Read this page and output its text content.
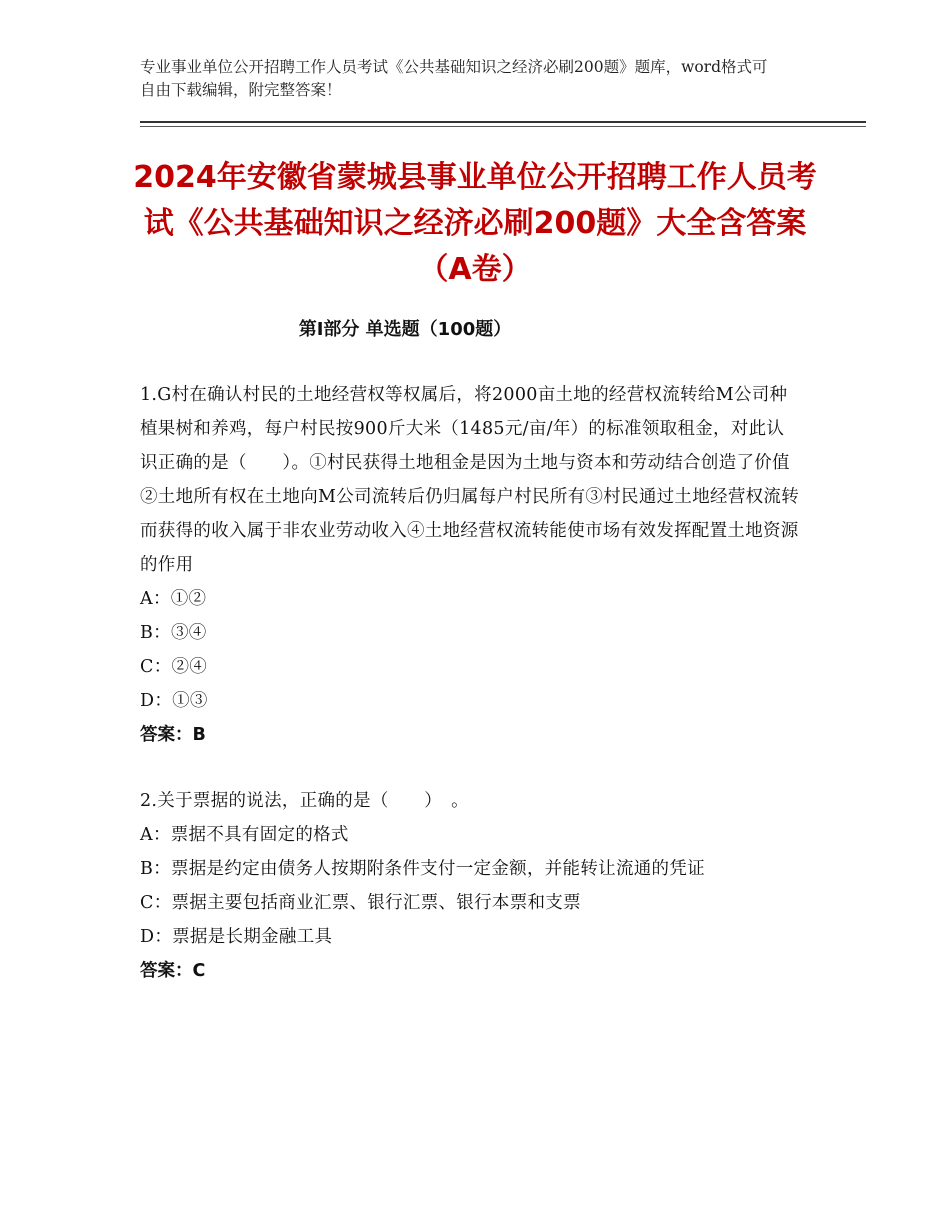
专业事业单位公开招聘工作人员考试《公共基础知识之经济必刷200题》题库，word格式可自由下载编辑，附完整答案！
2024年安徽省蒙城县事业单位公开招聘工作人员考试《公共基础知识之经济必刷200题》大全含答案（A卷）
第Ⅰ部分 单选题（100题）
1.G村在确认村民的土地经营权等权属后，将2000亩土地的经营权流转给M公司种植果树和养鸡，每户村民按900斤大米（1485元/亩/年）的标准领取租金，对此认识正确的是（　　）。①村民获得土地租金是因为土地与资本和劳动结合创造了价值②土地所有权在土地向M公司流转后仍归属每户村民所有③村民通过土地经营权流转而获得的收入属于非农业劳动收入④土地经营权流转能使市场有效发挥配置土地资源的作用
A：①②
B：③④
C：②④
D：①③
答案：B
2.关于票据的说法，正确的是（　　）　。
A：票据不具有固定的格式
B：票据是约定由债务人按期附条件支付一定金额，并能转让流通的凭证
C：票据主要包括商业汇票、银行汇票、银行本票和支票
D：票据是长期金融工具
答案：C
